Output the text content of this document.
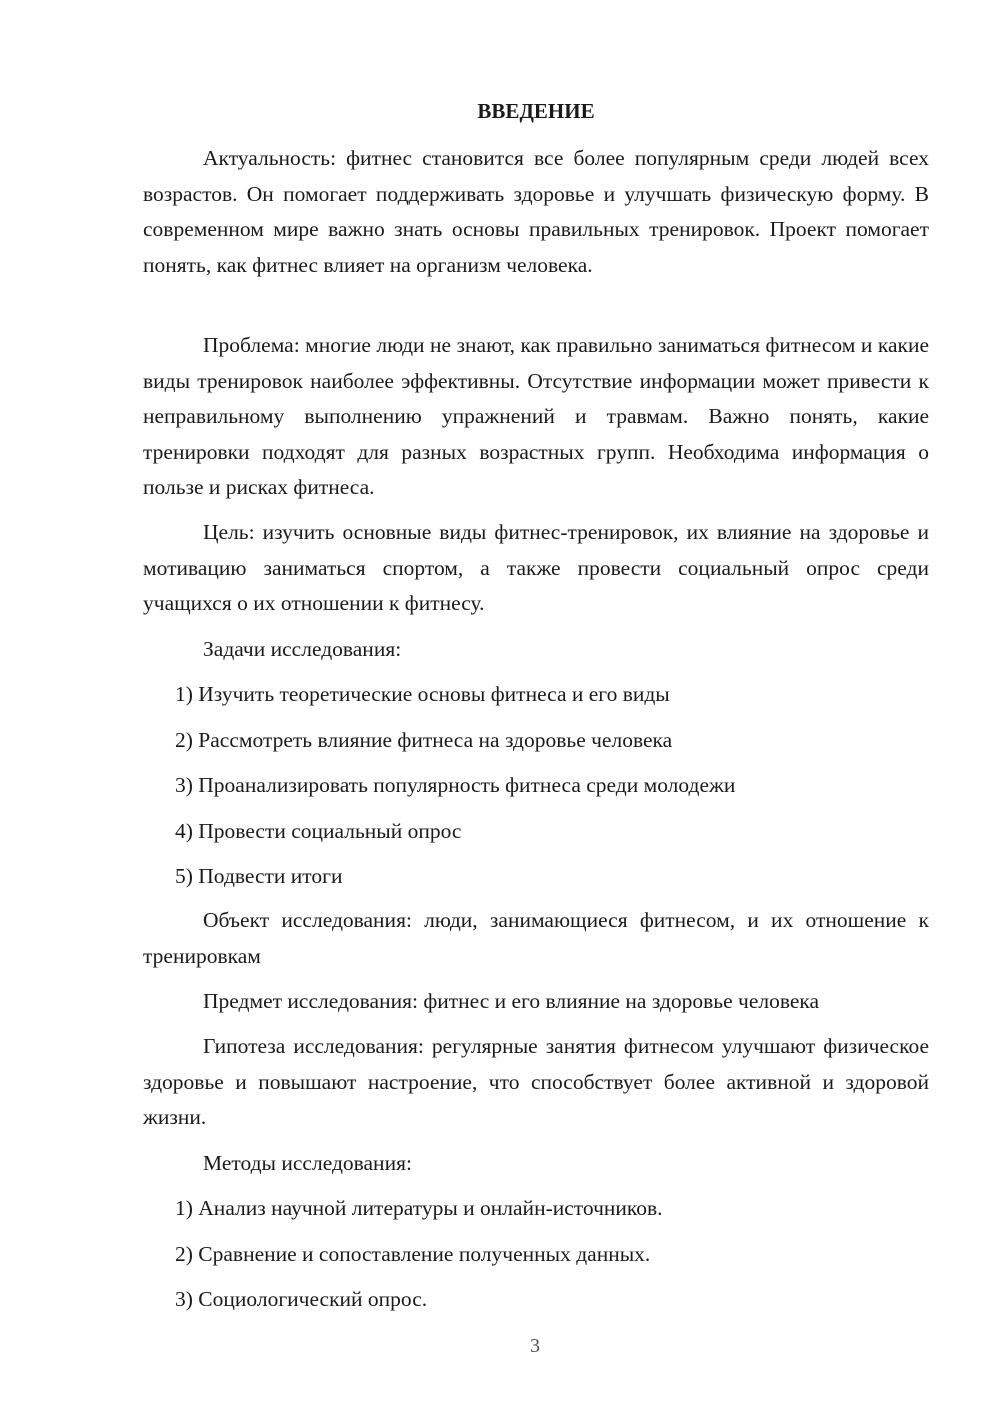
ВВЕДЕНИЕ

Актуальность: фитнес становится все более популярным среди людей всех возрастов. Он помогает поддерживать здоровье и улучшать физическую форму. В современном мире важно знать основы правильных тренировок. Проект помогает понять, как фитнес влияет на организм человека.

Проблема: многие люди не знают, как правильно заниматься фитнесом и какие виды тренировок наиболее эффективны. Отсутствие информации может привести к неправильному выполнению упражнений и травмам. Важно понять, какие тренировки подходят для разных возрастных групп. Необходима информация о пользе и рисках фитнеса.

Цель: изучить основные виды фитнес-тренировок, их влияние на здоровье и мотивацию заниматься спортом, а также провести социальный опрос среди учащихся о их отношении к фитнесу.

Задачи исследования:
1) Изучить теоретические основы фитнеса и его виды
2) Рассмотреть влияние фитнеса на здоровье человека
3) Проанализировать популярность фитнеса среди молодежи
4) Провести социальный опрос
5) Подвести итоги

Объект исследования: люди, занимающиеся фитнесом, и их отношение к тренировкам

Предмет исследования: фитнес и его влияние на здоровье человека

Гипотеза исследования: регулярные занятия фитнесом улучшают физическое здоровье и повышают настроение, что способствует более активной и здоровой жизни.

Методы исследования:
1) Анализ научной литературы и онлайн-источников.
2) Сравнение и сопоставление полученных данных.
3) Социологический опрос.
3
